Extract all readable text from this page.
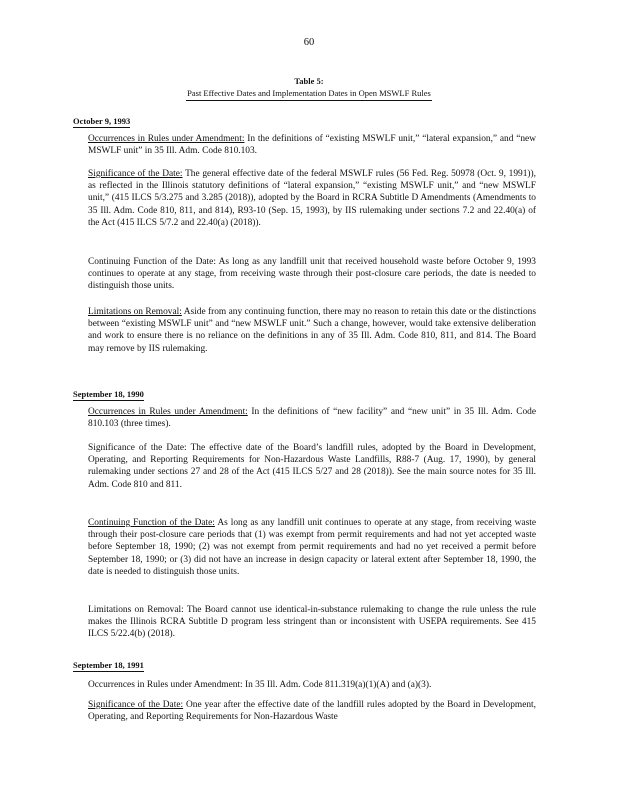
60
Table 5:
Past Effective Dates and Implementation Dates in Open MSWLF Rules
October 9, 1993

Occurrences in Rules under Amendment: In the definitions of “existing MSWLF unit,” “lateral expansion,” and “new MSWLF unit” in 35 Ill. Adm. Code 810.103.

Significance of the Date: The general effective date of the federal MSWLF rules (56 Fed. Reg. 50978 (Oct. 9, 1991)), as reflected in the Illinois statutory definitions of “lateral expansion,” “existing MSWLF unit,” and “new MSWLF unit,” (415 ILCS 5/3.275 and 3.285 (2018)), adopted by the Board in RCRA Subtitle D Amendments (Amendments to 35 Ill. Adm. Code 810, 811, and 814), R93-10 (Sep. 15, 1993), by IIS rulemaking under sections 7.2 and 22.40(a) of the Act (415 ILCS 5/7.2 and 22.40(a) (2018)).

Continuing Function of the Date: As long as any landfill unit that received household waste before October 9, 1993 continues to operate at any stage, from receiving waste through their post-closure care periods, the date is needed to distinguish those units.

Limitations on Removal: Aside from any continuing function, there may no reason to retain this date or the distinctions between “existing MSWLF unit” and “new MSWLF unit.” Such a change, however, would take extensive deliberation and work to ensure there is no reliance on the definitions in any of 35 Ill. Adm. Code 810, 811, and 814. The Board may remove by IIS rulemaking.

September 18, 1990

Occurrences in Rules under Amendment: In the definitions of “new facility” and “new unit” in 35 Ill. Adm. Code 810.103 (three times).

Significance of the Date: The effective date of the Board’s landfill rules, adopted by the Board in Development, Operating, and Reporting Requirements for Non-Hazardous Waste Landfills, R88-7 (Aug. 17, 1990), by general rulemaking under sections 27 and 28 of the Act (415 ILCS 5/27 and 28 (2018)). See the main source notes for 35 Ill. Adm. Code 810 and 811.

Continuing Function of the Date: As long as any landfill unit continues to operate at any stage, from receiving waste through their post-closure care periods that (1) was exempt from permit requirements and had not yet accepted waste before September 18, 1990; (2) was not exempt from permit requirements and had no yet received a permit before September 18, 1990; or (3) did not have an increase in design capacity or lateral extent after September 18, 1990, the date is needed to distinguish those units.

Limitations on Removal: The Board cannot use identical-in-substance rulemaking to change the rule unless the rule makes the Illinois RCRA Subtitle D program less stringent than or inconsistent with USEPA requirements. See 415 ILCS 5/22.4(b) (2018).

September 18, 1991

Occurrences in Rules under Amendment: In 35 Ill. Adm. Code 811.319(a)(1)(A) and (a)(3).

Significance of the Date: One year after the effective date of the landfill rules adopted by the Board in Development, Operating, and Reporting Requirements for Non-Hazardous Waste
